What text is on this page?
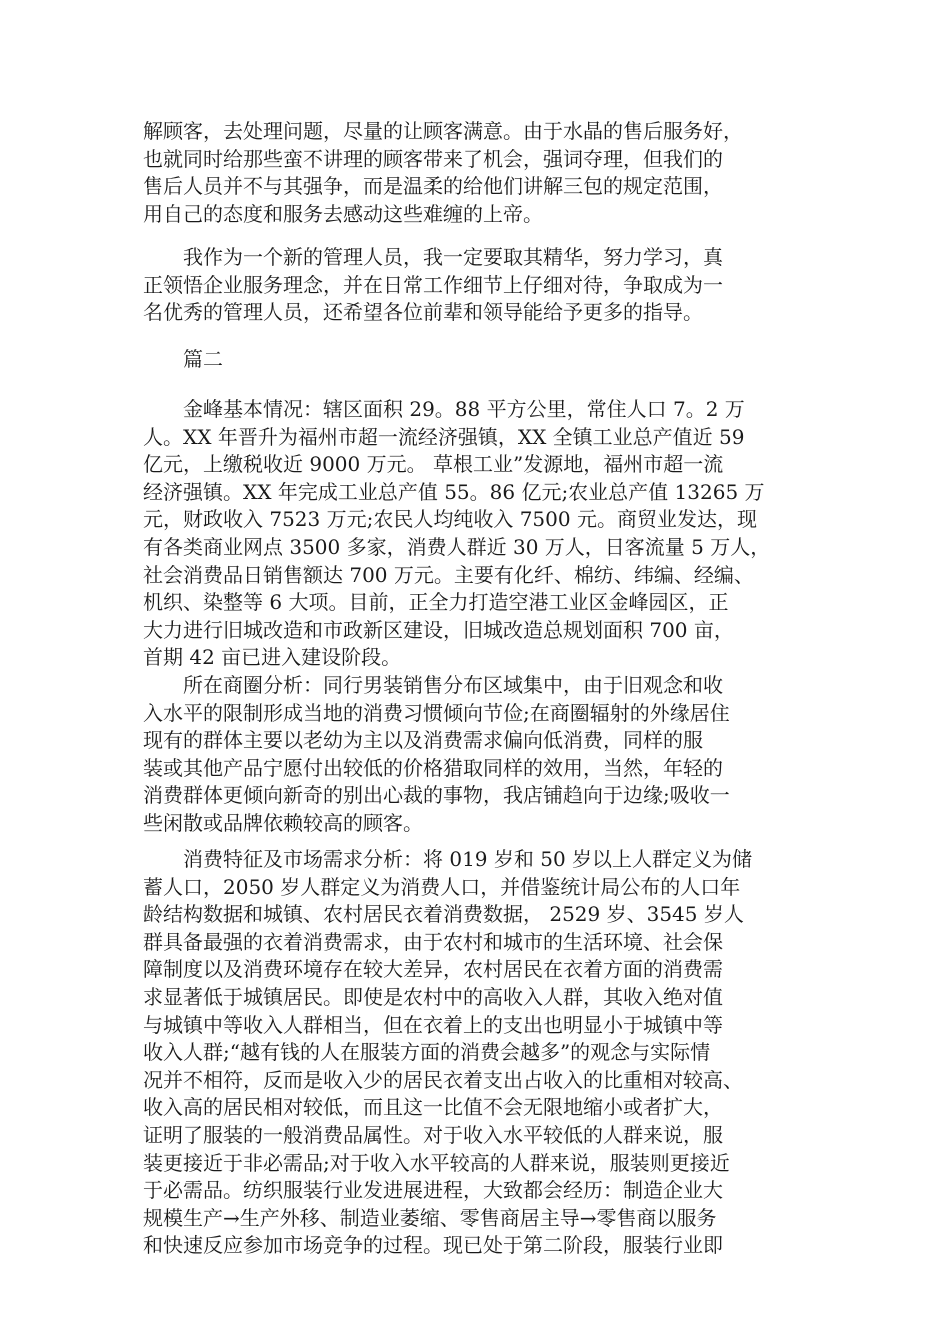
解顾客，去处理问题，尽量的让顾客满意。由于水晶的售后服务好，
也就同时给那些蛮不讲理的顾客带来了机会，强词夺理，但我们的
售后人员并不与其强争，而是温柔的给他们讲解三包的规定范围，
用自己的态度和服务去感动这些难缠的上帝。
　　我作为一个新的管理人员，我一定要取其精华，努力学习，真
正领悟企业服务理念，并在日常工作细节上仔细对待，争取成为一
名优秀的管理人员，还希望各位前辈和领导能给予更多的指导。
　　篇二
　　金峰基本情况：辖区面积 29。88 平方公里，常住人口 7。2 万
人。XX 年晋升为福州市超一流经济强镇，XX 全镇工业总产值近 59
亿元，上缴税收近 9000 万元。 草根工业”发源地，福州市超一流
经济强镇。XX 年完成工业总产值 55。86 亿元;农业总产值 13265 万
元，财政收入 7523 万元;农民人均纯收入 7500 元。商贸业发达，现
有各类商业网点 3500 多家，消费人群近 30 万人，日客流量 5 万人，
社会消费品日销售额达 700 万元。主要有化纤、棉纺、纬编、经编、
机织、染整等 6 大项。目前，正全力打造空港工业区金峰园区，正
大力进行旧城改造和市政新区建设，旧城改造总规划面积 700 亩，
首期 42 亩已进入建设阶段。
　　所在商圈分析：同行男装销售分布区域集中，由于旧观念和收
入水平的限制形成当地的消费习惯倾向节俭;在商圈辐射的外缘居住
现有的群体主要以老幼为主以及消费需求偏向低消费，同样的服
装或其他产品宁愿付出较低的价格猎取同样的效用，当然，年轻的
消费群体更倾向新奇的别出心裁的事物，我店铺趋向于边缘;吸收一
些闲散或品牌依赖较高的顾客。
　　消费特征及市场需求分析：将 019 岁和 50 岁以上人群定义为储
蓄人口，2050 岁人群定义为消费人口，并借鉴统计局公布的人口年
龄结构数据和城镇、农村居民衣着消费数据， 2529 岁、3545 岁人
群具备最强的衣着消费需求，由于农村和城市的生活环境、社会保
障制度以及消费环境存在较大差异，农村居民在衣着方面的消费需
求显著低于城镇居民。即使是农村中的高收入人群，其收入绝对值
与城镇中等收入人群相当，但在衣着上的支出也明显小于城镇中等
收入人群;“越有钱的人在服装方面的消费会越多”的观念与实际情
况并不相符，反而是收入少的居民衣着支出占收入的比重相对较高、
收入高的居民相对较低，而且这一比值不会无限地缩小或者扩大，
证明了服装的一般消费品属性。对于收入水平较低的人群来说，服
装更接近于非必需品;对于收入水平较高的人群来说，服装则更接近
于必需品。纺织服装行业发进展进程，大致都会经历：制造企业大
规模生产→生产外移、制造业萎缩、零售商居主导→零售商以服务
和快速反应参加市场竞争的过程。现已处于第二阶段，服装行业即
